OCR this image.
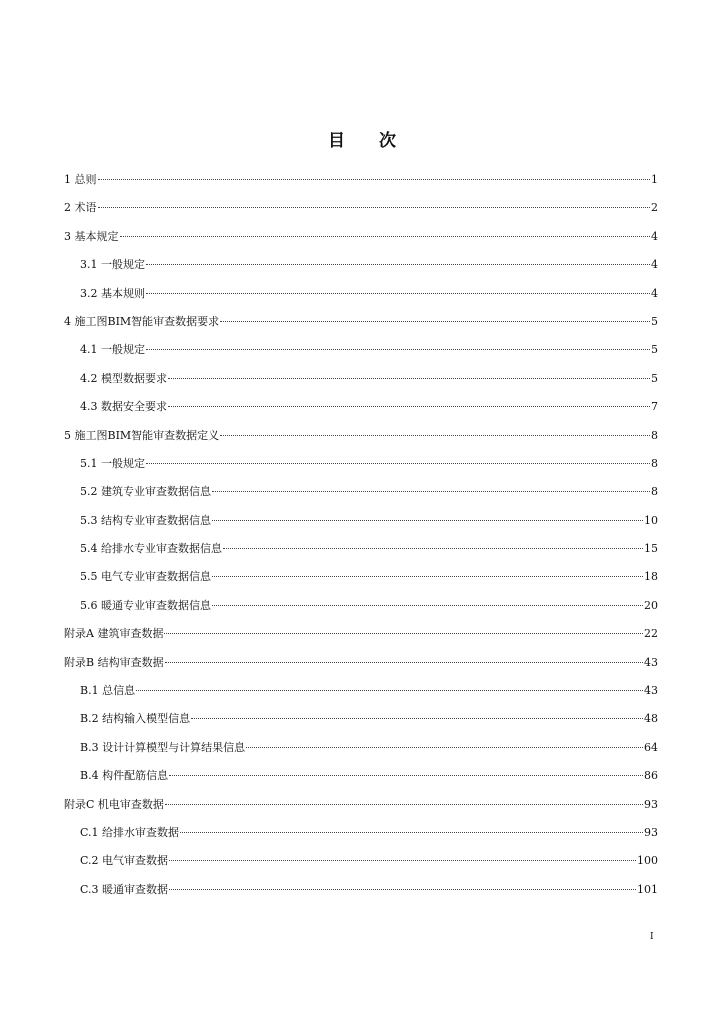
目 次
1 总则	1
2 术语	2
3 基本规定	4
3.1 一般规定	4
3.2 基本规则	4
4 施工图BIM智能审查数据要求	5
4.1 一般规定	5
4.2 模型数据要求	5
4.3 数据安全要求	7
5 施工图BIM智能审查数据定义	8
5.1 一般规定	8
5.2 建筑专业审查数据信息	8
5.3 结构专业审查数据信息	10
5.4 给排水专业审查数据信息	15
5.5 电气专业审查数据信息	18
5.6 暖通专业审查数据信息	20
附录A 建筑审查数据	22
附录B 结构审查数据	43
B.1 总信息	43
B.2 结构输入模型信息	48
B.3 设计计算模型与计算结果信息	64
B.4 构件配筋信息	86
附录C 机电审查数据	93
C.1 给排水审查数据	93
C.2 电气审查数据	100
C.3 暖通审查数据	101
I
